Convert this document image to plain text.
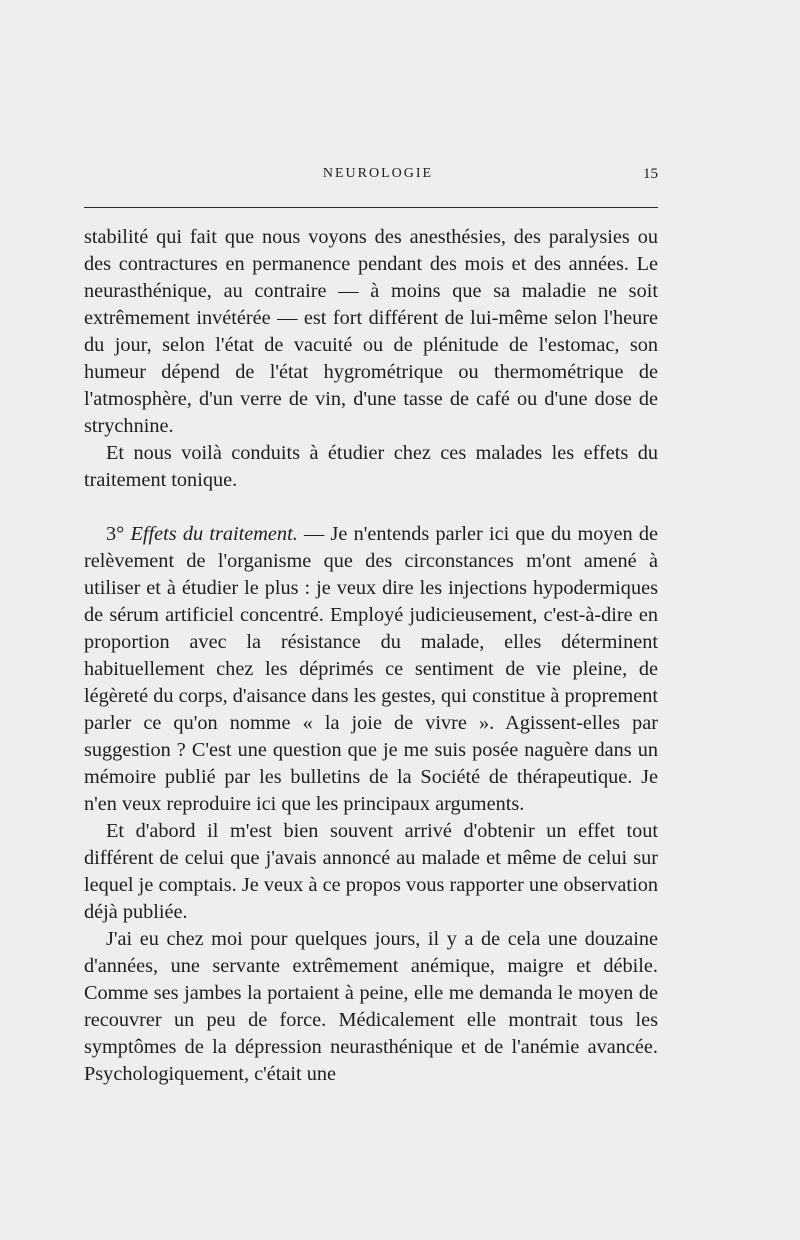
NEUROLOGIE	15

stabilité qui fait que nous voyons des anesthésies, des paralysies ou des contractures en permanence pendant des mois et des années. Le neurasthénique, au contraire — à moins que sa maladie ne soit extrêmement invétérée — est fort différent de lui-même selon l'heure du jour, selon l'état de vacuité ou de plénitude de l'estomac, son humeur dépend de l'état hygrométrique ou thermométrique de l'atmosphère, d'un verre de vin, d'une tasse de café ou d'une dose de strychnine.

Et nous voilà conduits à étudier chez ces malades les effets du traitement tonique.

3° Effets du traitement. — Je n'entends parler ici que du moyen de relèvement de l'organisme que des circonstances m'ont amené à utiliser et à étudier le plus : je veux dire les injections hypodermiques de sérum artificiel concentré. Employé judicieusement, c'est-à-dire en proportion avec la résistance du malade, elles déterminent habituellement chez les déprimés ce sentiment de vie pleine, de légèreté du corps, d'aisance dans les gestes, qui constitue à proprement parler ce qu'on nomme « la joie de vivre ». Agissent-elles par suggestion ? C'est une question que je me suis posée naguère dans un mémoire publié par les bulletins de la Société de thérapeutique. Je n'en veux reproduire ici que les principaux arguments.

Et d'abord il m'est bien souvent arrivé d'obtenir un effet tout différent de celui que j'avais annoncé au malade et même de celui sur lequel je comptais. Je veux à ce propos vous rapporter une observation déjà publiée.

J'ai eu chez moi pour quelques jours, il y a de cela une douzaine d'années, une servante extrêmement anémique, maigre et débile. Comme ses jambes la portaient à peine, elle me demanda le moyen de recouvrer un peu de force. Médicalement elle montrait tous les symptômes de la dépression neurasthénique et de l'anémie avancée. Psychologiquement, c'était une
